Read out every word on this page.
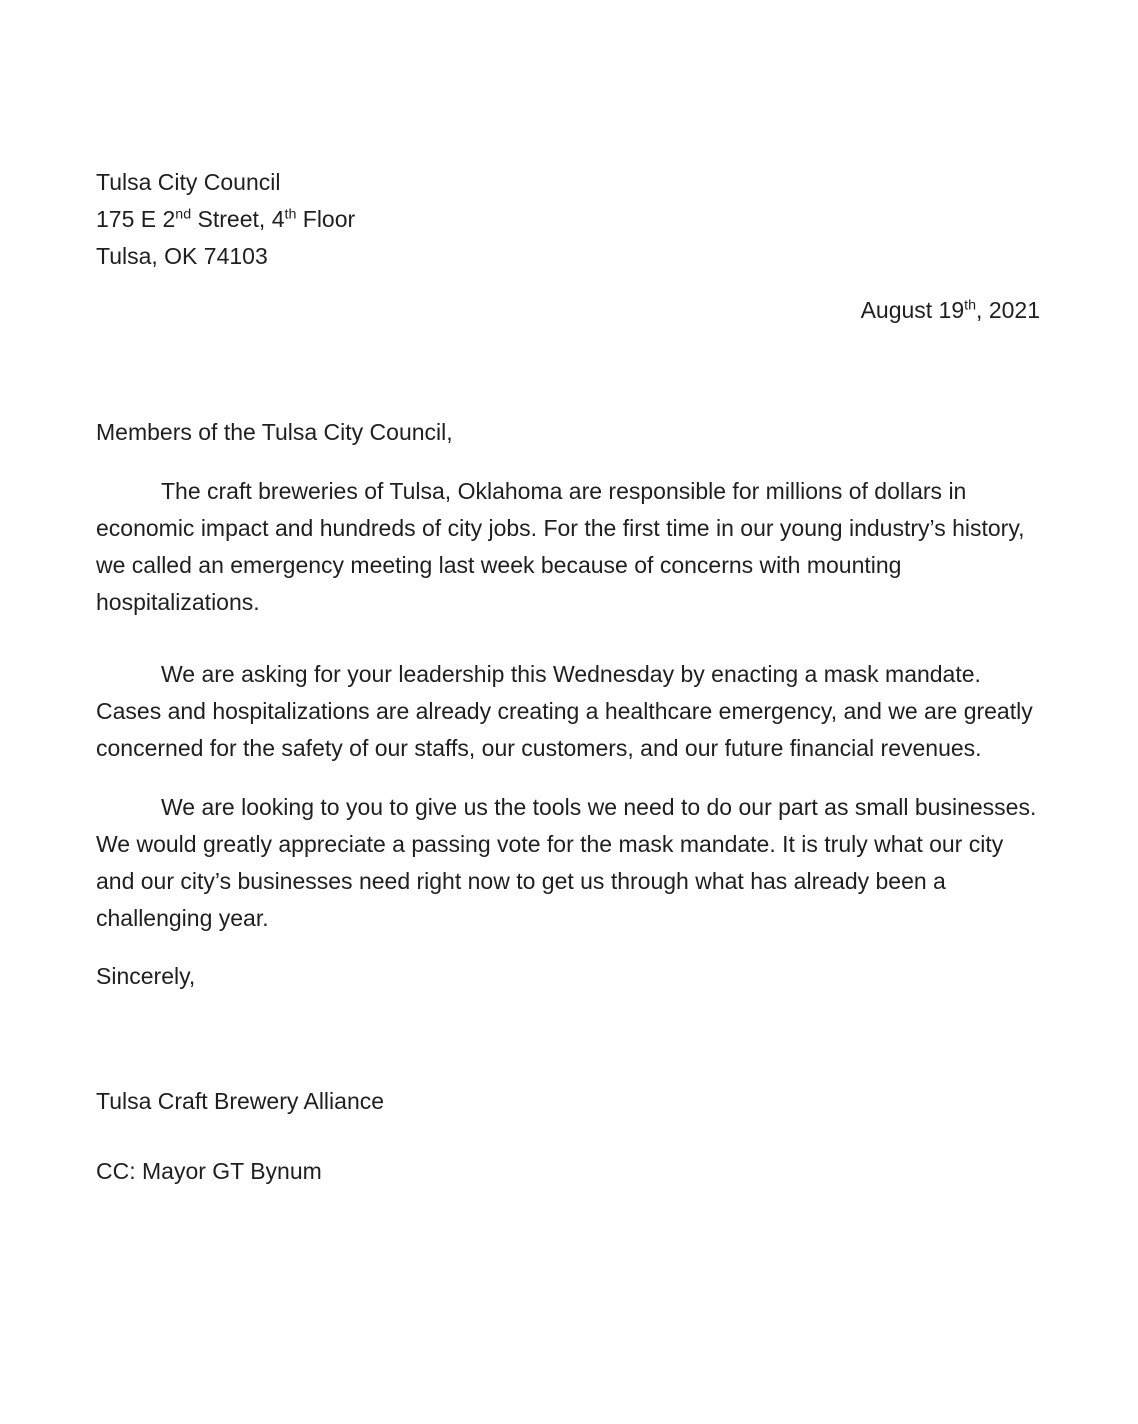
Tulsa City Council
175 E 2nd Street, 4th Floor
Tulsa, OK 74103
August 19th, 2021

Members of the Tulsa City Council,

The craft breweries of Tulsa, Oklahoma are responsible for millions of dollars in economic impact and hundreds of city jobs. For the first time in our young industry’s history, we called an emergency meeting last week because of concerns with mounting hospitalizations.

We are asking for your leadership this Wednesday by enacting a mask mandate. Cases and hospitalizations are already creating a healthcare emergency, and we are greatly concerned for the safety of our staffs, our customers, and our future financial revenues.

We are looking to you to give us the tools we need to do our part as small businesses. We would greatly appreciate a passing vote for the mask mandate. It is truly what our city and our city’s businesses need right now to get us through what has already been a challenging year.

Sincerely,

Tulsa Craft Brewery Alliance

CC: Mayor GT Bynum
